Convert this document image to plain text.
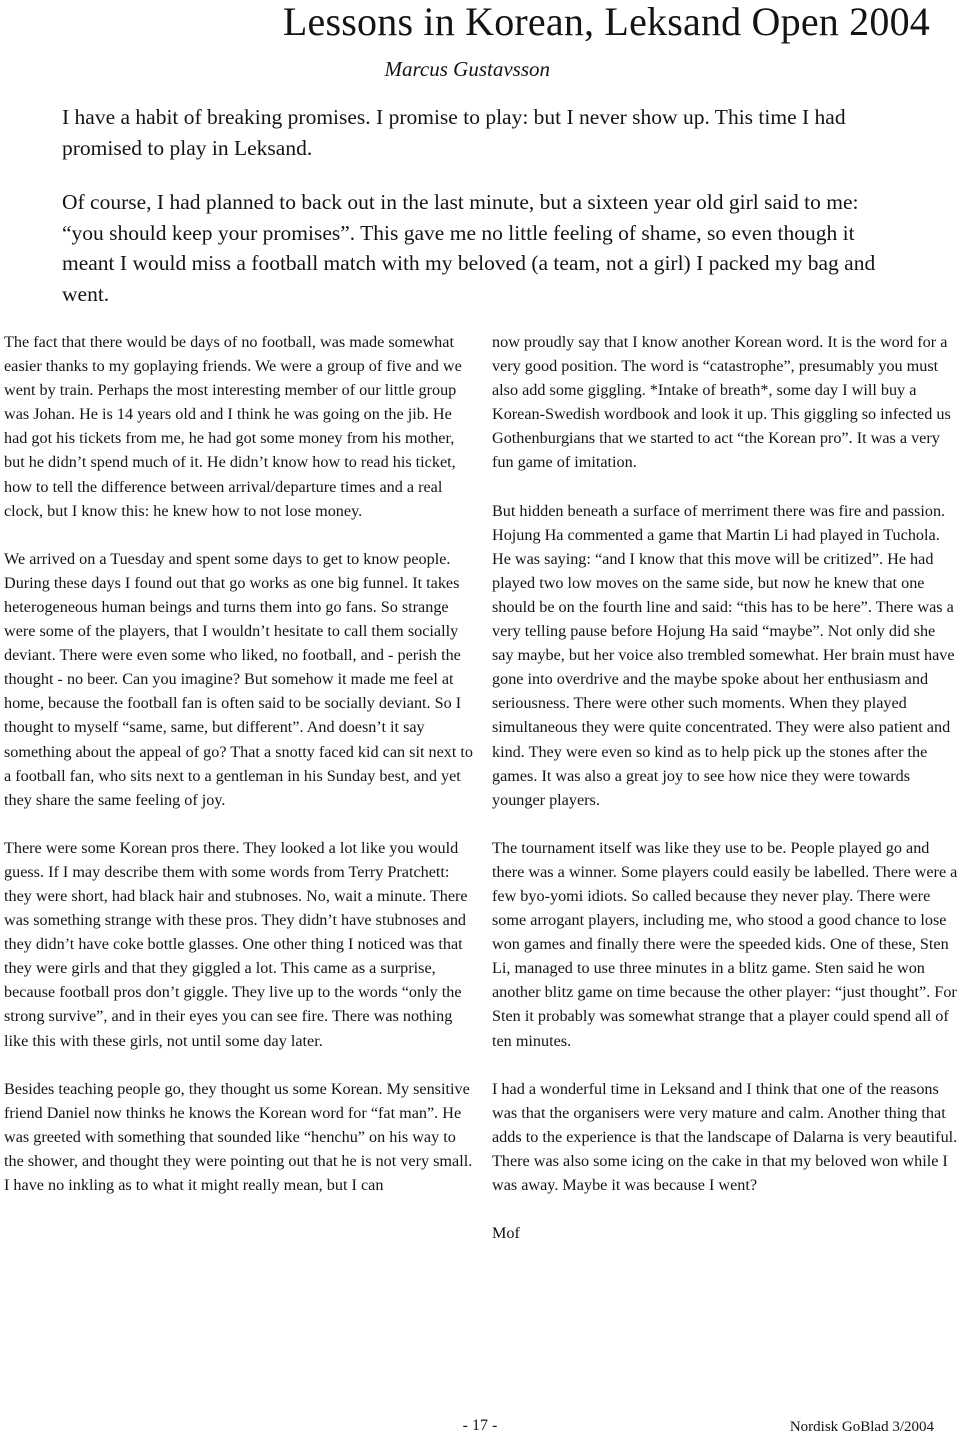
Lessons in Korean, Leksand Open 2004
Marcus Gustavsson

I have a habit of breaking promises. I promise to play: but I never show up. This time I had promised to play in Leksand.

Of course, I had planned to back out in the last minute, but a sixteen year old girl said to me: “you should keep your promises”. This gave me no little feeling of shame, so even though it meant I would miss a football match with my beloved (a team, not a girl) I packed my bag and went.

The fact that there would be days of no football, was made somewhat easier thanks to my goplaying friends. We were a group of five and we went by train. Perhaps the most interesting member of our little group was Johan. He is 14 years old and I think he was going on the jib. He had got his tickets from me, he had got some money from his mother, but he didn’t spend much of it. He didn’t know how to read his ticket, how to tell the difference between arrival/departure times and a real clock, but I know this: he knew how to not lose money.

We arrived on a Tuesday and spent some days to get to know people. During these days I found out that go works as one big funnel. It takes heterogeneous human beings and turns them into go fans. So strange were some of the players, that I wouldn’t hesitate to call them socially deviant. There were even some who liked, no football, and - perish the thought - no beer. Can you imagine? But somehow it made me feel at home, because the football fan is often said to be socially deviant. So I thought to myself “same, same, but different”. And doesn’t it say something about the appeal of go? That a snotty faced kid can sit next to a football fan, who sits next to a gentleman in his Sunday best, and yet they share the same feeling of joy.

There were some Korean pros there. They looked a lot like you would guess. If I may describe them with some words from Terry Pratchett: they were short, had black hair and stubnoses. No, wait a minute. There was something strange with these pros. They didn’t have stubnoses and they didn’t have coke bottle glasses. One other thing I noticed was that they were girls and that they giggled a lot. This came as a surprise, because football pros don’t giggle. They live up to the words “only the strong survive”, and in their eyes you can see fire. There was nothing like this with these girls, not until some day later.

Besides teaching people go, they thought us some Korean. My sensitive friend Daniel now thinks he knows the Korean word for “fat man”. He was greeted with something that sounded like “henchu” on his way to the shower, and thought they were pointing out that he is not very small. I have no inkling as to what it might really mean, but I can

now proudly say that I know another Korean word. It is the word for a very good position. The word is “catastrophe”, presumably you must also add some giggling. *Intake of breath*, some day I will buy a Korean-Swedish wordbook and look it up. This giggling so infected us Gothenburgians that we started to act “the Korean pro”. It was a very fun game of imitation.

But hidden beneath a surface of merriment there was fire and passion. Hojung Ha commented a game that Martin Li had played in Tuchola. He was saying: “and I know that this move will be critized”. He had played two low moves on the same side, but now he knew that one should be on the fourth line and said: “this has to be here”. There was a very telling pause before Hojung Ha said “maybe”. Not only did she say maybe, but her voice also trembled somewhat. Her brain must have gone into overdrive and the maybe spoke about her enthusiasm and seriousness. There were other such moments. When they played simultaneous they were quite concentrated. They were also patient and kind. They were even so kind as to help pick up the stones after the games. It was also a great joy to see how nice they were towards younger players.

The tournament itself was like they use to be. People played go and there was a winner. Some players could easily be labelled. There were a few byo-yomi idiots. So called because they never play. There were some arrogant players, including me, who stood a good chance to lose won games and finally there were the speeded kids. One of these, Sten Li, managed to use three minutes in a blitz game. Sten said he won another blitz game on time because the other player: “just thought”. For Sten it probably was somewhat strange that a player could spend all of ten minutes.

I had a wonderful time in Leksand and I think that one of the reasons was that the organisers were very mature and calm. Another thing that adds to the experience is that the landscape of Dalarna is very beautiful. There was also some icing on the cake in that my beloved won while I was away. Maybe it was because I went?

Mof

- 17 -	Nordisk GoBlad 3/2004
